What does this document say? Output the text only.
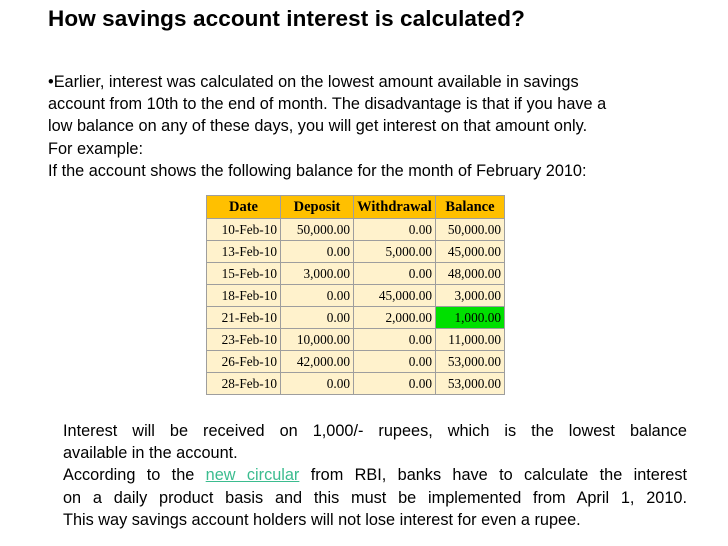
How savings account interest is calculated?
•Earlier, interest was calculated on the lowest amount available in savings
account from 10th to the end of month. The disadvantage is that if you have a
low balance on any of these days, you will get interest on that amount only.
For example:
If the account shows the following balance for the month of February 2010:
Date	Deposit	Withdrawal	Balance
10-Feb-10	50,000.00	0.00	50,000.00
13-Feb-10	0.00	5,000.00	45,000.00
15-Feb-10	3,000.00	0.00	48,000.00
18-Feb-10	0.00	45,000.00	3,000.00
21-Feb-10	0.00	2,000.00	1,000.00
23-Feb-10	10,000.00	0.00	11,000.00
26-Feb-10	42,000.00	0.00	53,000.00
28-Feb-10	0.00	0.00	53,000.00
Interest will be received on 1,000/- rupees, which is the lowest balance
available in the account.
According to the new circular from RBI, banks have to calculate the interest
on a daily product basis and this must be implemented from April 1, 2010.
This way savings account holders will not lose interest for even a rupee.
